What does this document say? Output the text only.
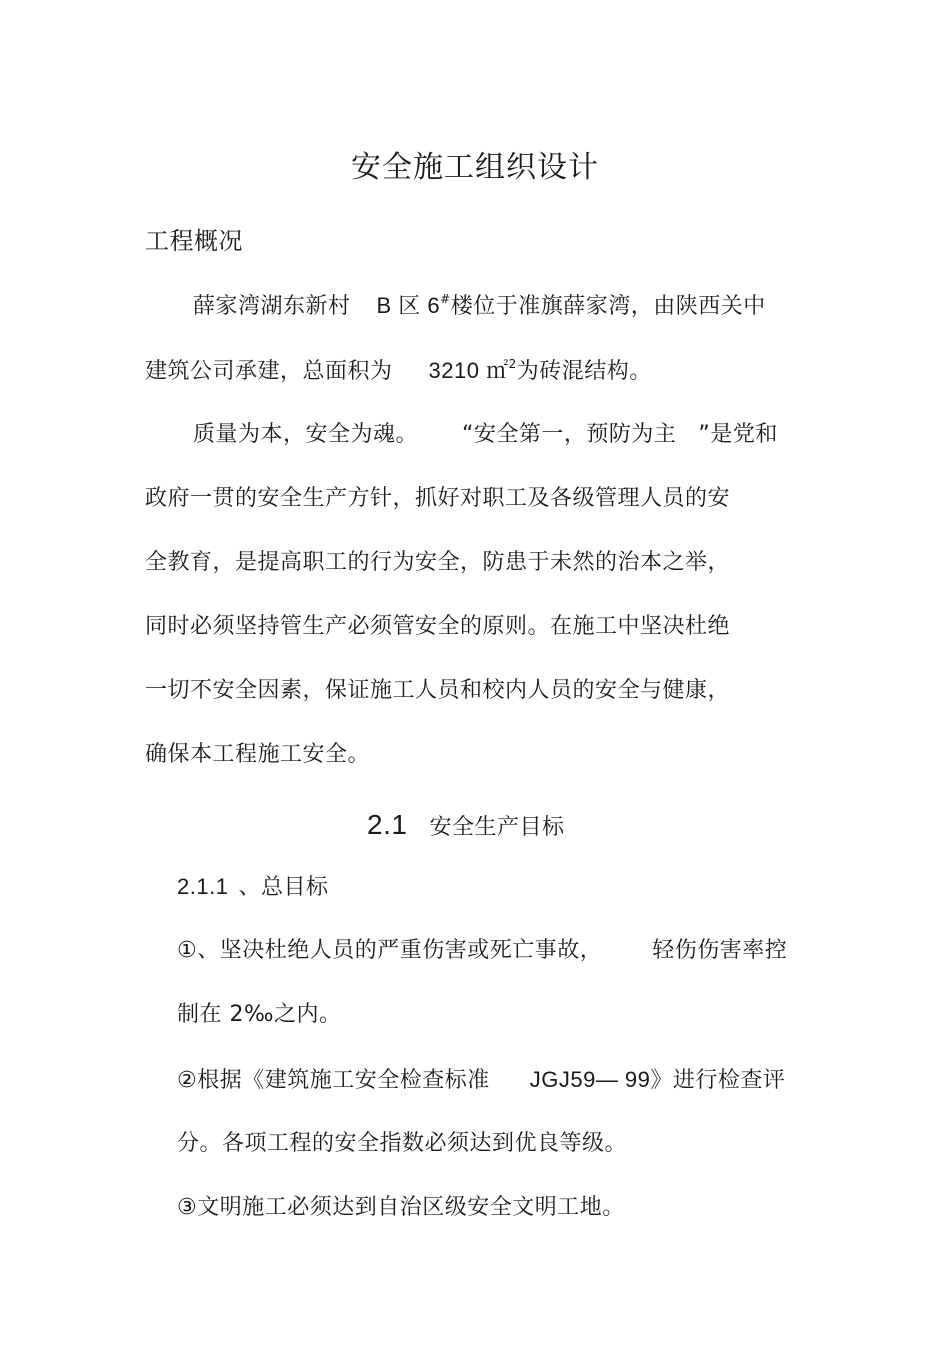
安全施工组织设计
工程概况
薛家湾湖东新村 B 区 6#楼位于准旗薛家湾，由陕西关中
建筑公司承建，总面积为 3210 ㎡$^2$为砖混结构。
质量为本，安全为魂。 “安全第一，预防为主 ”是党和
政府一贯的安全生产方针，抓好对职工及各级管理人员的安
全教育，是提高职工的行为安全，防患于未然的治本之举，
同时必须坚持管生产必须管安全的原则。在施工中坚决杜绝
一切不安全因素，保证施工人员和校内人员的安全与健康，
确保本工程施工安全。
2.1 安全生产目标
2.1.1 、总目标
①、坚决杜绝人员的严重伤害或死亡事故， 轻伤伤害率控
制在 2‰之内。
②根据《建筑施工安全检查标准 JGJ59— 99》进行检查评
分。各项工程的安全指数必须达到优良等级。
③文明施工必须达到自治区级安全文明工地。
